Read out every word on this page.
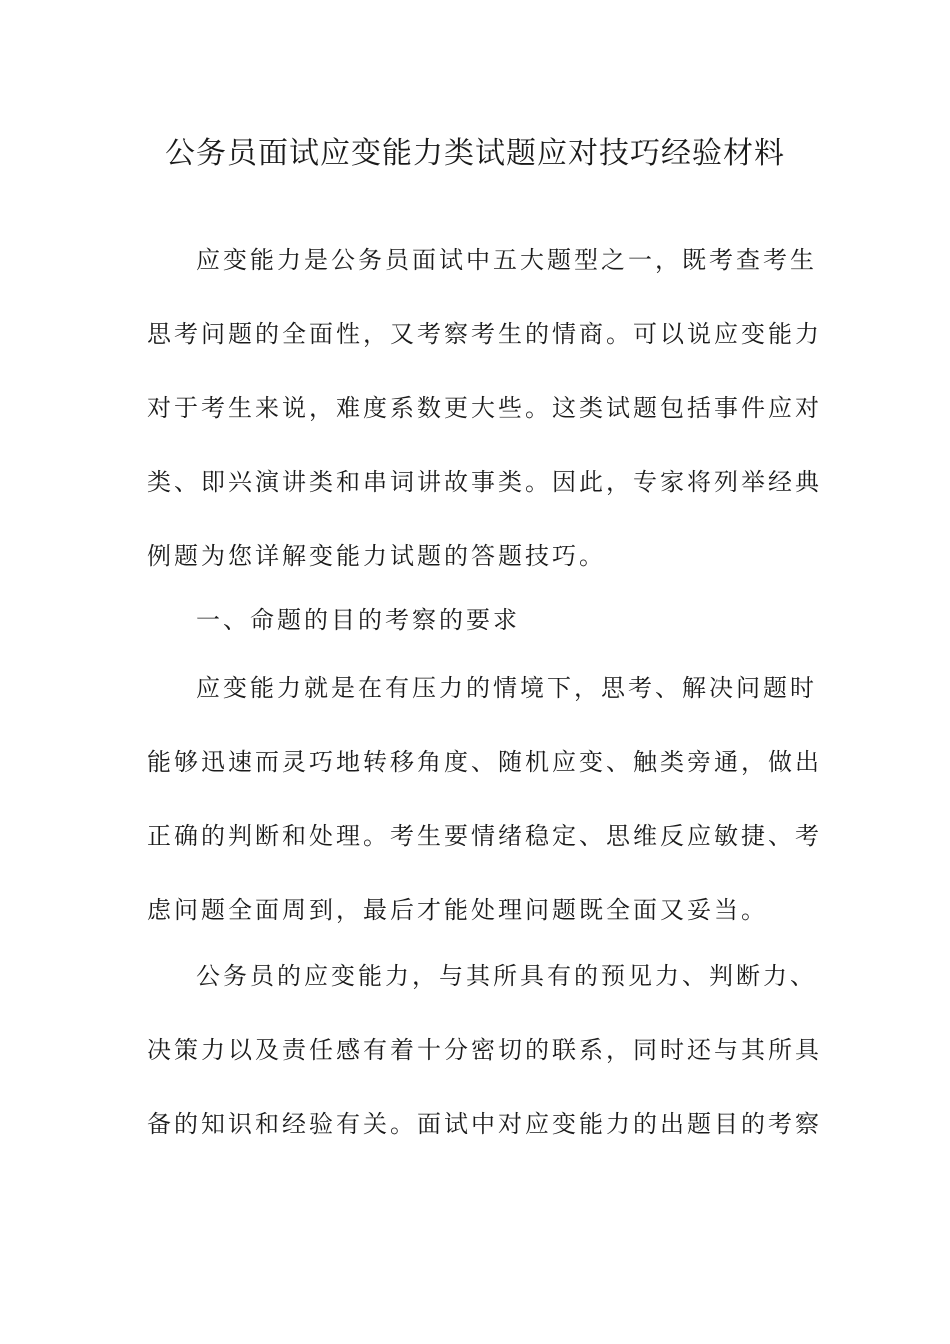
公务员面试应变能力类试题应对技巧经验材料
应变能力是公务员面试中五大题型之一，既考查考生
思考问题的全面性，又考察考生的情商。可以说应变能力
对于考生来说，难度系数更大些。这类试题包括事件应对
类、即兴演讲类和串词讲故事类。因此，专家将列举经典
例题为您详解变能力试题的答题技巧。
一、命题的目的考察的要求
应变能力就是在有压力的情境下，思考、解决问题时
能够迅速而灵巧地转移角度、随机应变、触类旁通，做出
正确的判断和处理。考生要情绪稳定、思维反应敏捷、考
虑问题全面周到，最后才能处理问题既全面又妥当。
公务员的应变能力，与其所具有的预见力、判断力、
决策力以及责任感有着十分密切的联系，同时还与其所具
备的知识和经验有关。面试中对应变能力的出题目的考察
